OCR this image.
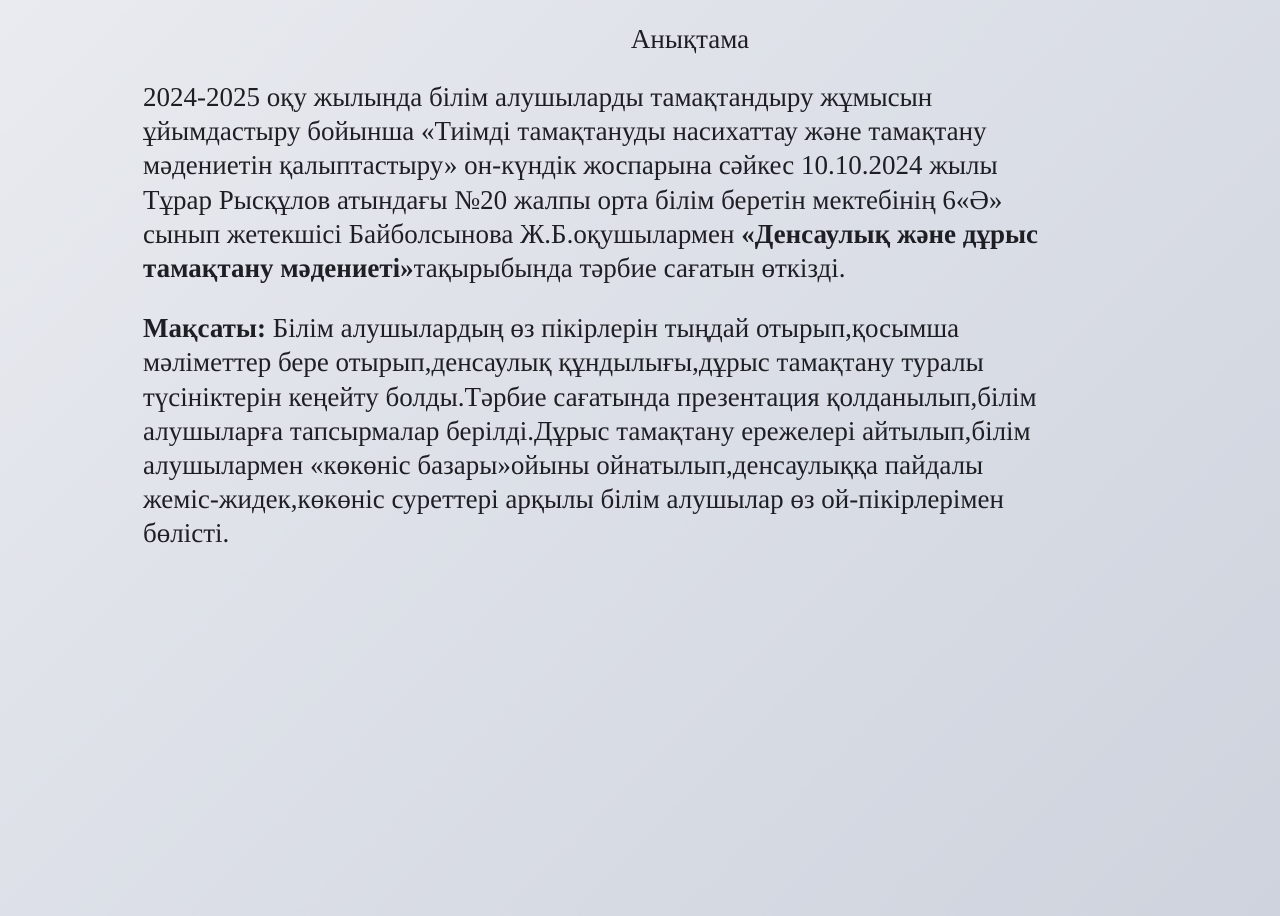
Анықтама
2024-2025 оқу жылында білім алушыларды тамақтандыру жұмысын
ұйымдастыру бойынша «Тиімді тамақтануды насихаттау және тамақтану
мәдениетін қалыптастыру» он-күндік жоспарына сәйкес 10.10.2024 жылы
Тұрар Рысқұлов атындағы №20 жалпы орта білім беретін мектебінің 6«Ә»
сынып жетекшісі Байболсынова Ж.Б.оқушылармен «Денсаулық және дұрыс
тамақтану мәдениеті»тақырыбында тәрбие сағатын өткізді.
Мақсаты: Білім алушылардың өз пікірлерін тыңдай отырып,қосымша
мәліметтер бере отырып,денсаулық құндылығы,дұрыс тамақтану туралы
түсініктерін кеңейту болды.Тәрбие сағатында презентация қолданылып,білім
алушыларға тапсырмалар берілді.Дұрыс тамақтану ережелері айтылып,білім
алушылармен «көкөніс базары»ойыны ойнатылып,денсаулыққа пайдалы
жеміс-жидек,көкөніс суреттері арқылы білім алушылар өз ой-пікірлерімен
бөлісті.
